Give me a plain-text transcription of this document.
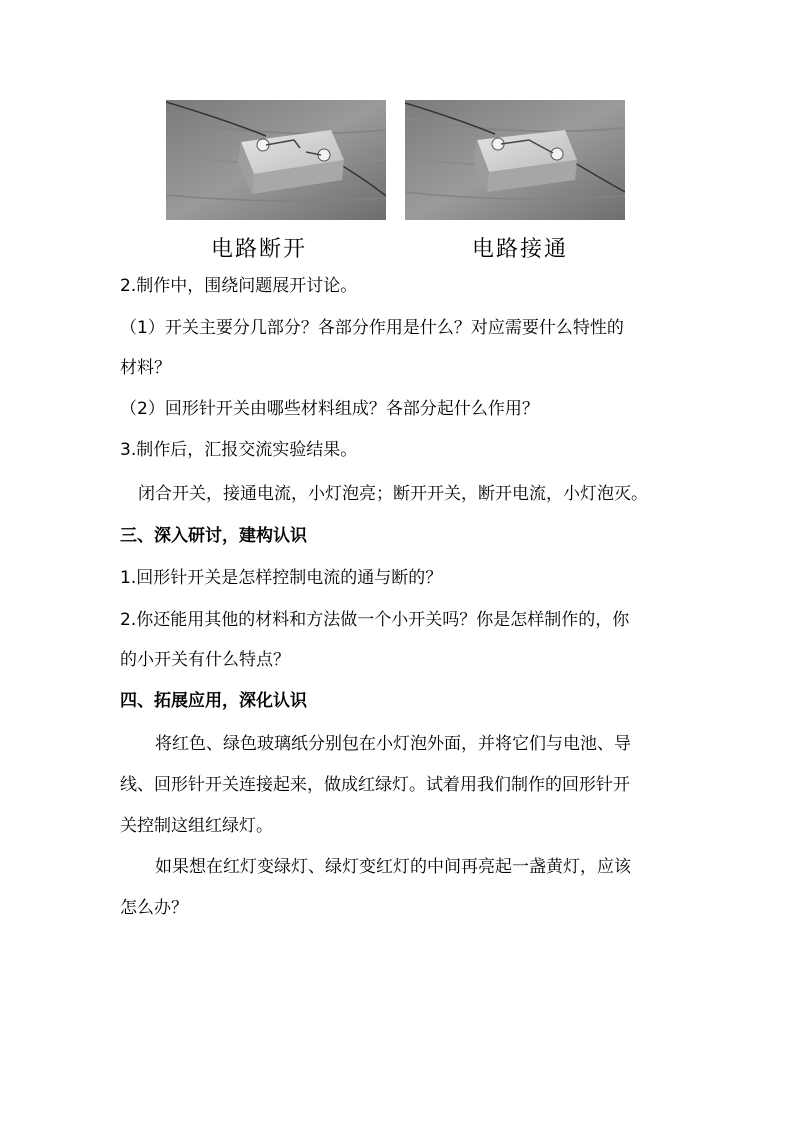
电路断开	电路接通
2.制作中，围绕问题展开讨论。
（1）开关主要分几部分？各部分作用是什么？对应需要什么特性的
材料？
（2）回形针开关由哪些材料组成？各部分起什么作用？
3.制作后，汇报交流实验结果。
闭合开关，接通电流，小灯泡亮；断开开关，断开电流，小灯泡灭。
三、深入研讨，建构认识
1.回形针开关是怎样控制电流的通与断的？
2.你还能用其他的材料和方法做一个小开关吗？你是怎样制作的，你
的小开关有什么特点？
四、拓展应用，深化认识
将红色、绿色玻璃纸分别包在小灯泡外面，并将它们与电池、导
线、回形针开关连接起来，做成红绿灯。试着用我们制作的回形针开
关控制这组红绿灯。
如果想在红灯变绿灯、绿灯变红灯的中间再亮起一盏黄灯，应该
怎么办？
